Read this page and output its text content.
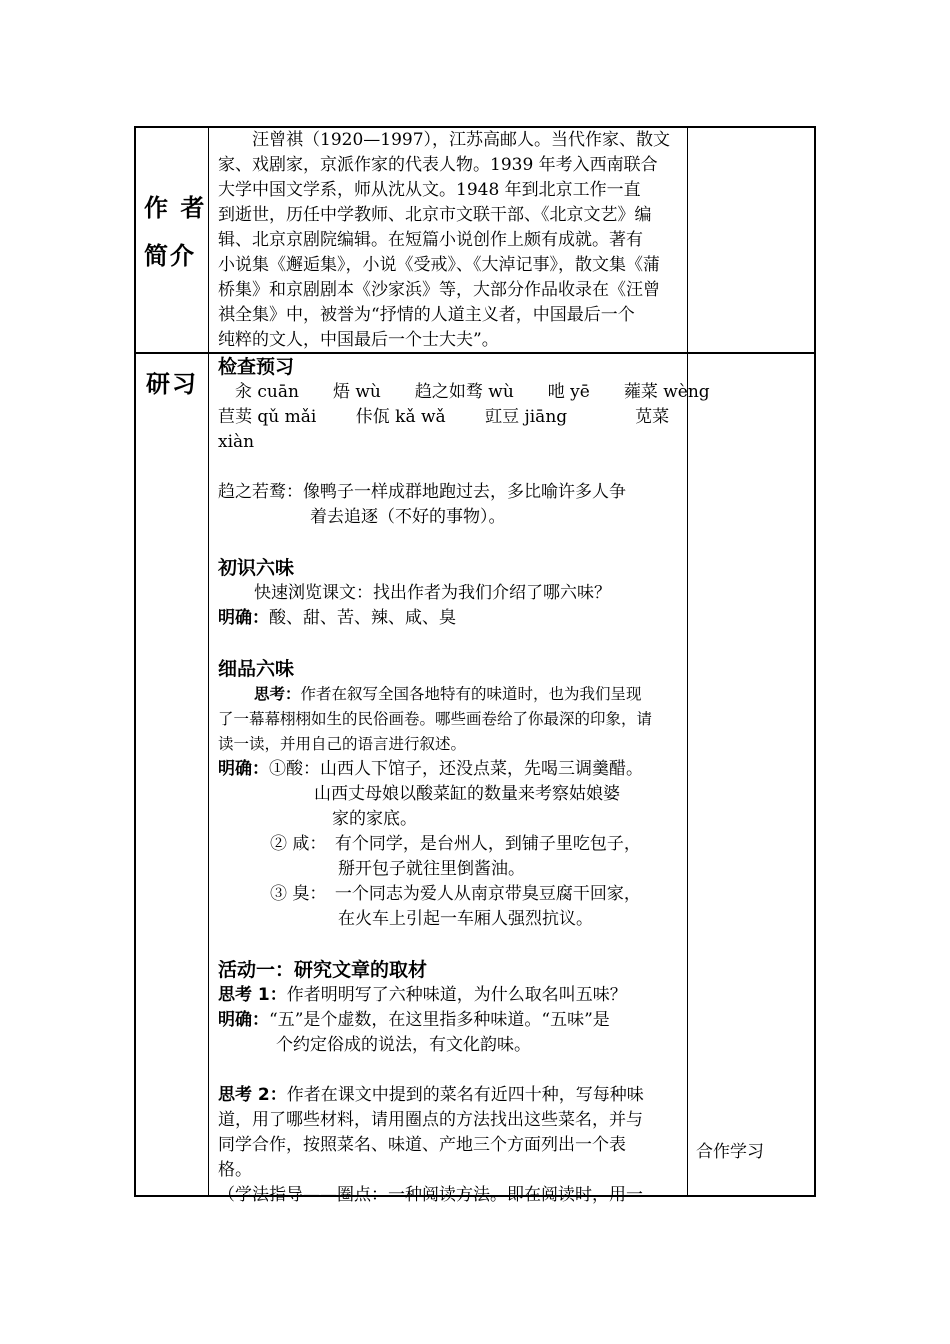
作 者
简介

　　汪曾祺（1920—1997），江苏高邮人。当代作家、散文

家、戏剧家，京派作家的代表人物。1939 年考入西南联合

大学中国文学系，师从沈从文。1948 年到北京工作一直

到逝世，历任中学教师、北京市文联干部、《北京文艺》编

辑、北京京剧院编辑。在短篇小说创作上颇有成就。著有

小说集《邂逅集》，小说《受戒》、《大淖记事》，散文集《蒲

桥集》和京剧剧本《沙家浜》等，大部分作品收录在《汪曾

祺全集》中，被誉为“抒情的人道主义者，中国最后一个

纯粹的文人，中国最后一个士大夫”。

研习

检查预习

　汆 cuān　　焐 wù　　趋之如骛 wù　　吔 yē　　蕹菜 wèng

苣荬 qǔ mǎi　　 佧佤 kǎ wǎ　　 豇豆 jiāng　　　　苋菜

xiàn

趋之若鹜：像鸭子一样成群地跑过去，多比喻许多人争

着去追逐（不好的事物）。

初识六味

快速浏览课文：找出作者为我们介绍了哪六味？

明确：酸、甜、苦、辣、咸、臭

细品六味

思考：作者在叙写全国各地特有的味道时，也为我们呈现

了一幕幕栩栩如生的民俗画卷。哪些画卷给了你最深的印象，请

读一读，并用自己的语言进行叙述。

明确：①酸：山西人下馆子，还没点菜，先喝三调羹醋。

山西丈母娘以酸菜缸的数量来考察姑娘婆

家的家底。

② 咸：　有个同学，是台州人，到铺子里吃包子，

掰开包子就往里倒酱油。

③ 臭：　一个同志为爱人从南京带臭豆腐干回家，

在火车上引起一车厢人强烈抗议。

活动一：研究文章的取材

思考 1：作者明明写了六种味道，为什么取名叫五味？

明确：“五”是个虚数，在这里指多种味道。“五味”是

个约定俗成的说法，有文化韵味。

思考 2：作者在课文中提到的菜名有近四十种，写每种味

道，用了哪些材料，请用圈点的方法找出这些菜名，并与

同学合作，按照菜名、味道、产地三个方面列出一个表

格。

（学法指导——圈点：一种阅读方法。即在阅读时，用一

合作学习
